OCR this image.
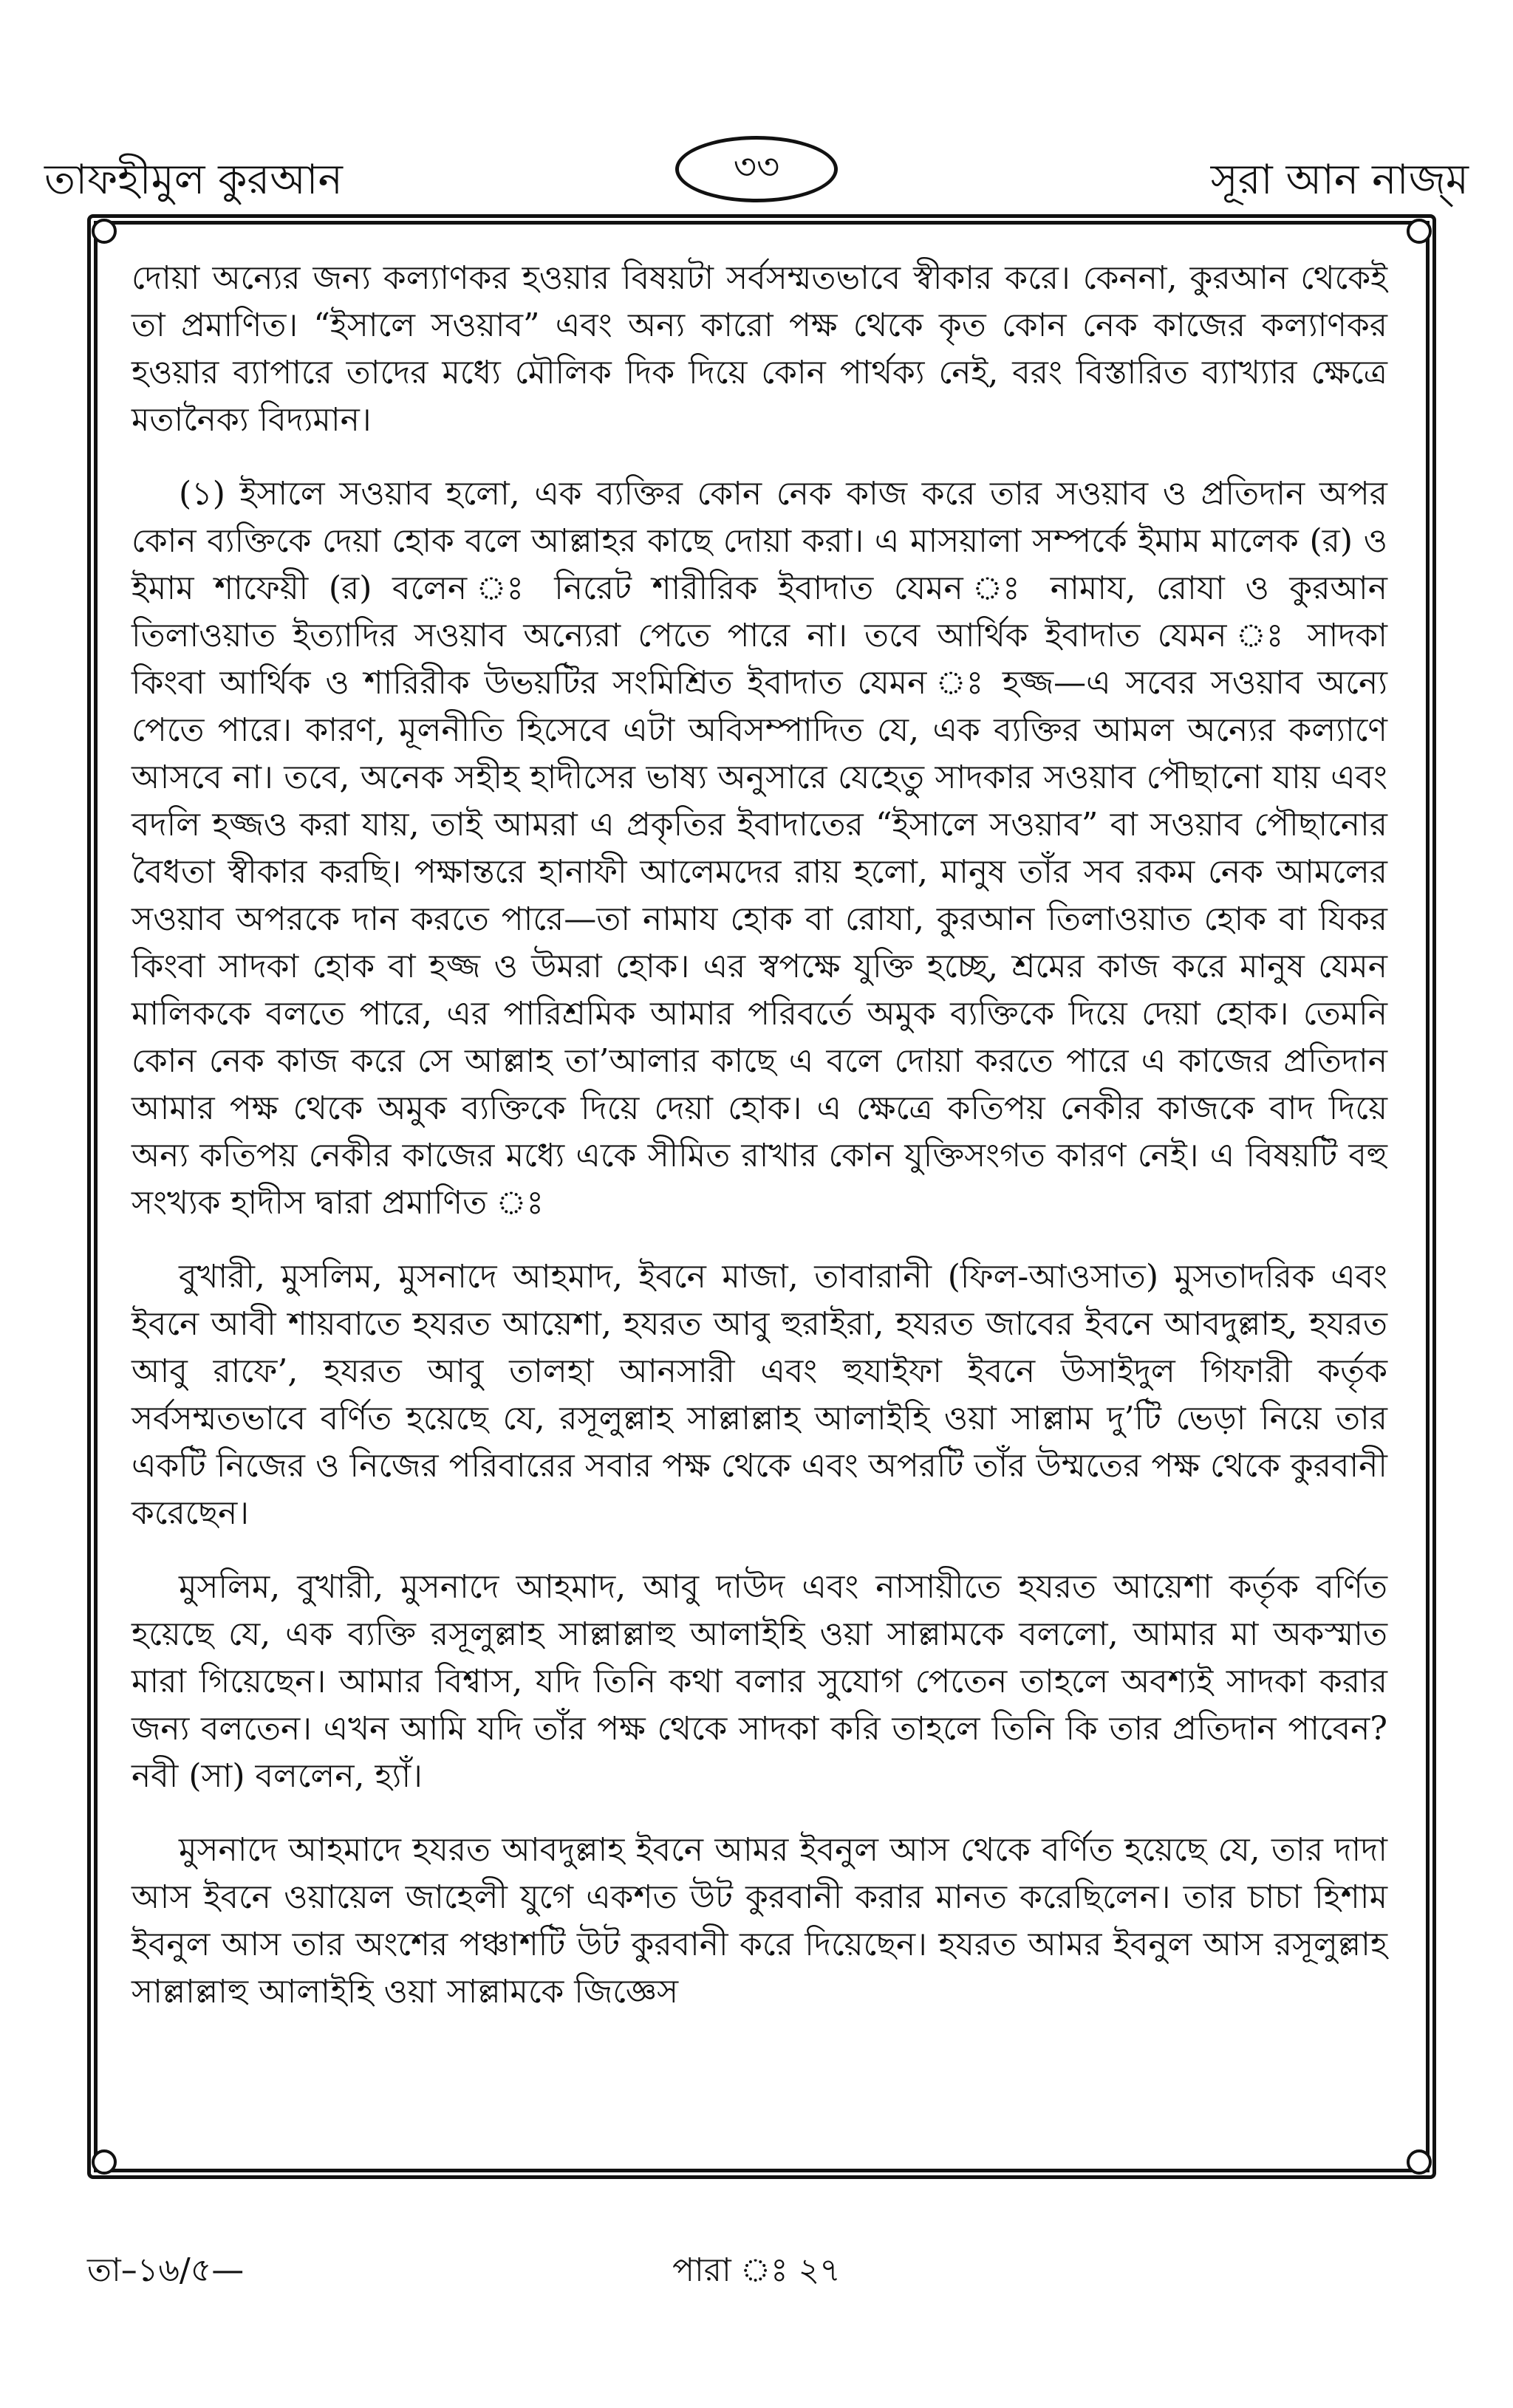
তাফহীমুল কুরআন	৩৩	সূরা আন নাজ্‌ম

দোয়া অন্যের জন্য কল্যাণকর হওয়ার বিষয়টা সর্বসম্মতভাবে স্বীকার করে। কেননা, কুরআন থেকেই তা প্রমাণিত। “ইসালে সওয়াব” এবং অন্য কারো পক্ষ থেকে কৃত কোন নেক কাজের কল্যাণকর হওয়ার ব্যাপারে তাদের মধ্যে মৌলিক দিক দিয়ে কোন পার্থক্য নেই, বরং বিস্তারিত ব্যাখ্যার ক্ষেত্রে মতানৈক্য বিদ্যমান।

(১) ইসালে সওয়াব হলো, এক ব্যক্তির কোন নেক কাজ করে তার সওয়াব ও প্রতিদান অপর কোন ব্যক্তিকে দেয়া হোক বলে আল্লাহর কাছে দোয়া করা। এ মাসয়ালা সম্পর্কে ইমাম মালেক (র) ও ইমাম শাফেয়ী (র) বলেন ঃ নিরেট শারীরিক ইবাদাত যেমন ঃ নামায, রোযা ও কুরআন তিলাওয়াত ইত্যাদির সওয়াব অন্যেরা পেতে পারে না। তবে আর্থিক ইবাদাত যেমন ঃ সাদকা কিংবা আর্থিক ও শারিরীক উভয়টির সংমিশ্রিত ইবাদাত যেমন ঃ হজ্জ—এ সবের সওয়াব অন্যে পেতে পারে। কারণ, মূলনীতি হিসেবে এটা অবিসম্পাদিত যে, এক ব্যক্তির আমল অন্যের কল্যাণে আসবে না। তবে, অনেক সহীহ হাদীসের ভাষ্য অনুসারে যেহেতু সাদকার সওয়াব পৌছানো যায় এবং বদলি হজ্জও করা যায়, তাই আমরা এ প্রকৃতির ইবাদাতের “ইসালে সওয়াব” বা সওয়াব পৌছানোর বৈধতা স্বীকার করছি। পক্ষান্তরে হানাফী আলেমদের রায় হলো, মানুষ তাঁর সব রকম নেক আমলের সওয়াব অপরকে দান করতে পারে—তা নামায হোক বা রোযা, কুরআন তিলাওয়াত হোক বা যিকর কিংবা সাদকা হোক বা হজ্জ ও উমরা হোক। এর স্বপক্ষে যুক্তি হচ্ছে, শ্রমের কাজ করে মানুষ যেমন মালিককে বলতে পারে, এর পারিশ্রমিক আমার পরিবর্তে অমুক ব্যক্তিকে দিয়ে দেয়া হোক। তেমনি কোন নেক কাজ করে সে আল্লাহ তা’আলার কাছে এ বলে দোয়া করতে পারে এ কাজের প্রতিদান আমার পক্ষ থেকে অমুক ব্যক্তিকে দিয়ে দেয়া হোক। এ ক্ষেত্রে কতিপয় নেকীর কাজকে বাদ দিয়ে অন্য কতিপয় নেকীর কাজের মধ্যে একে সীমিত রাখার কোন যুক্তিসংগত কারণ নেই। এ বিষয়টি বহু সংখ্যক হাদীস দ্বারা প্রমাণিত ঃ

বুখারী, মুসলিম, মুসনাদে আহমাদ, ইবনে মাজা, তাবারানী (ফিল-আওসাত) মুসতাদরিক এবং ইবনে আবী শায়বাতে হযরত আয়েশা, হযরত আবু হুরাইরা, হযরত জাবের ইবনে আবদুল্লাহ, হযরত আবু রাফে’, হযরত আবু তালহা আনসারী এবং হুযাইফা ইবনে উসাইদুল গিফারী কর্তৃক সর্বসম্মতভাবে বর্ণিত হয়েছে যে, রসূলুল্লাহ সাল্লাল্লাহ আলাইহি ওয়া সাল্লাম দু’টি ভেড়া নিয়ে তার একটি নিজের ও নিজের পরিবারের সবার পক্ষ থেকে এবং অপরটি তাঁর উম্মতের পক্ষ থেকে কুরবানী করেছেন।

মুসলিম, বুখারী, মুসনাদে আহমাদ, আবু দাউদ এবং নাসায়ীতে হযরত আয়েশা কর্তৃক বর্ণিত হয়েছে যে, এক ব্যক্তি রসূলুল্লাহ সাল্লাল্লাহু আলাইহি ওয়া সাল্লামকে বললো, আমার মা অকস্মাত মারা গিয়েছেন। আমার বিশ্বাস, যদি তিনি কথা বলার সুযোগ পেতেন তাহলে অবশ্যই সাদকা করার জন্য বলতেন। এখন আমি যদি তাঁর পক্ষ থেকে সাদকা করি তাহলে তিনি কি তার প্রতিদান পাবেন? নবী (সা) বললেন, হ্যাঁ।

মুসনাদে আহমাদে হযরত আবদুল্লাহ ইবনে আমর ইবনুল আস থেকে বর্ণিত হয়েছে যে, তার দাদা আস ইবনে ওয়ায়েল জাহেলী যুগে একশত উট কুরবানী করার মানত করেছিলেন। তার চাচা হিশাম ইবনুল আস তার অংশের পঞ্চাশটি উট কুরবানী করে দিয়েছেন। হযরত আমর ইবনুল আস রসূলুল্লাহ সাল্লাল্লাহু আলাইহি ওয়া সাল্লামকে জিজ্ঞেস

তা–১৬/৫—	পারা ঃ ২৭
